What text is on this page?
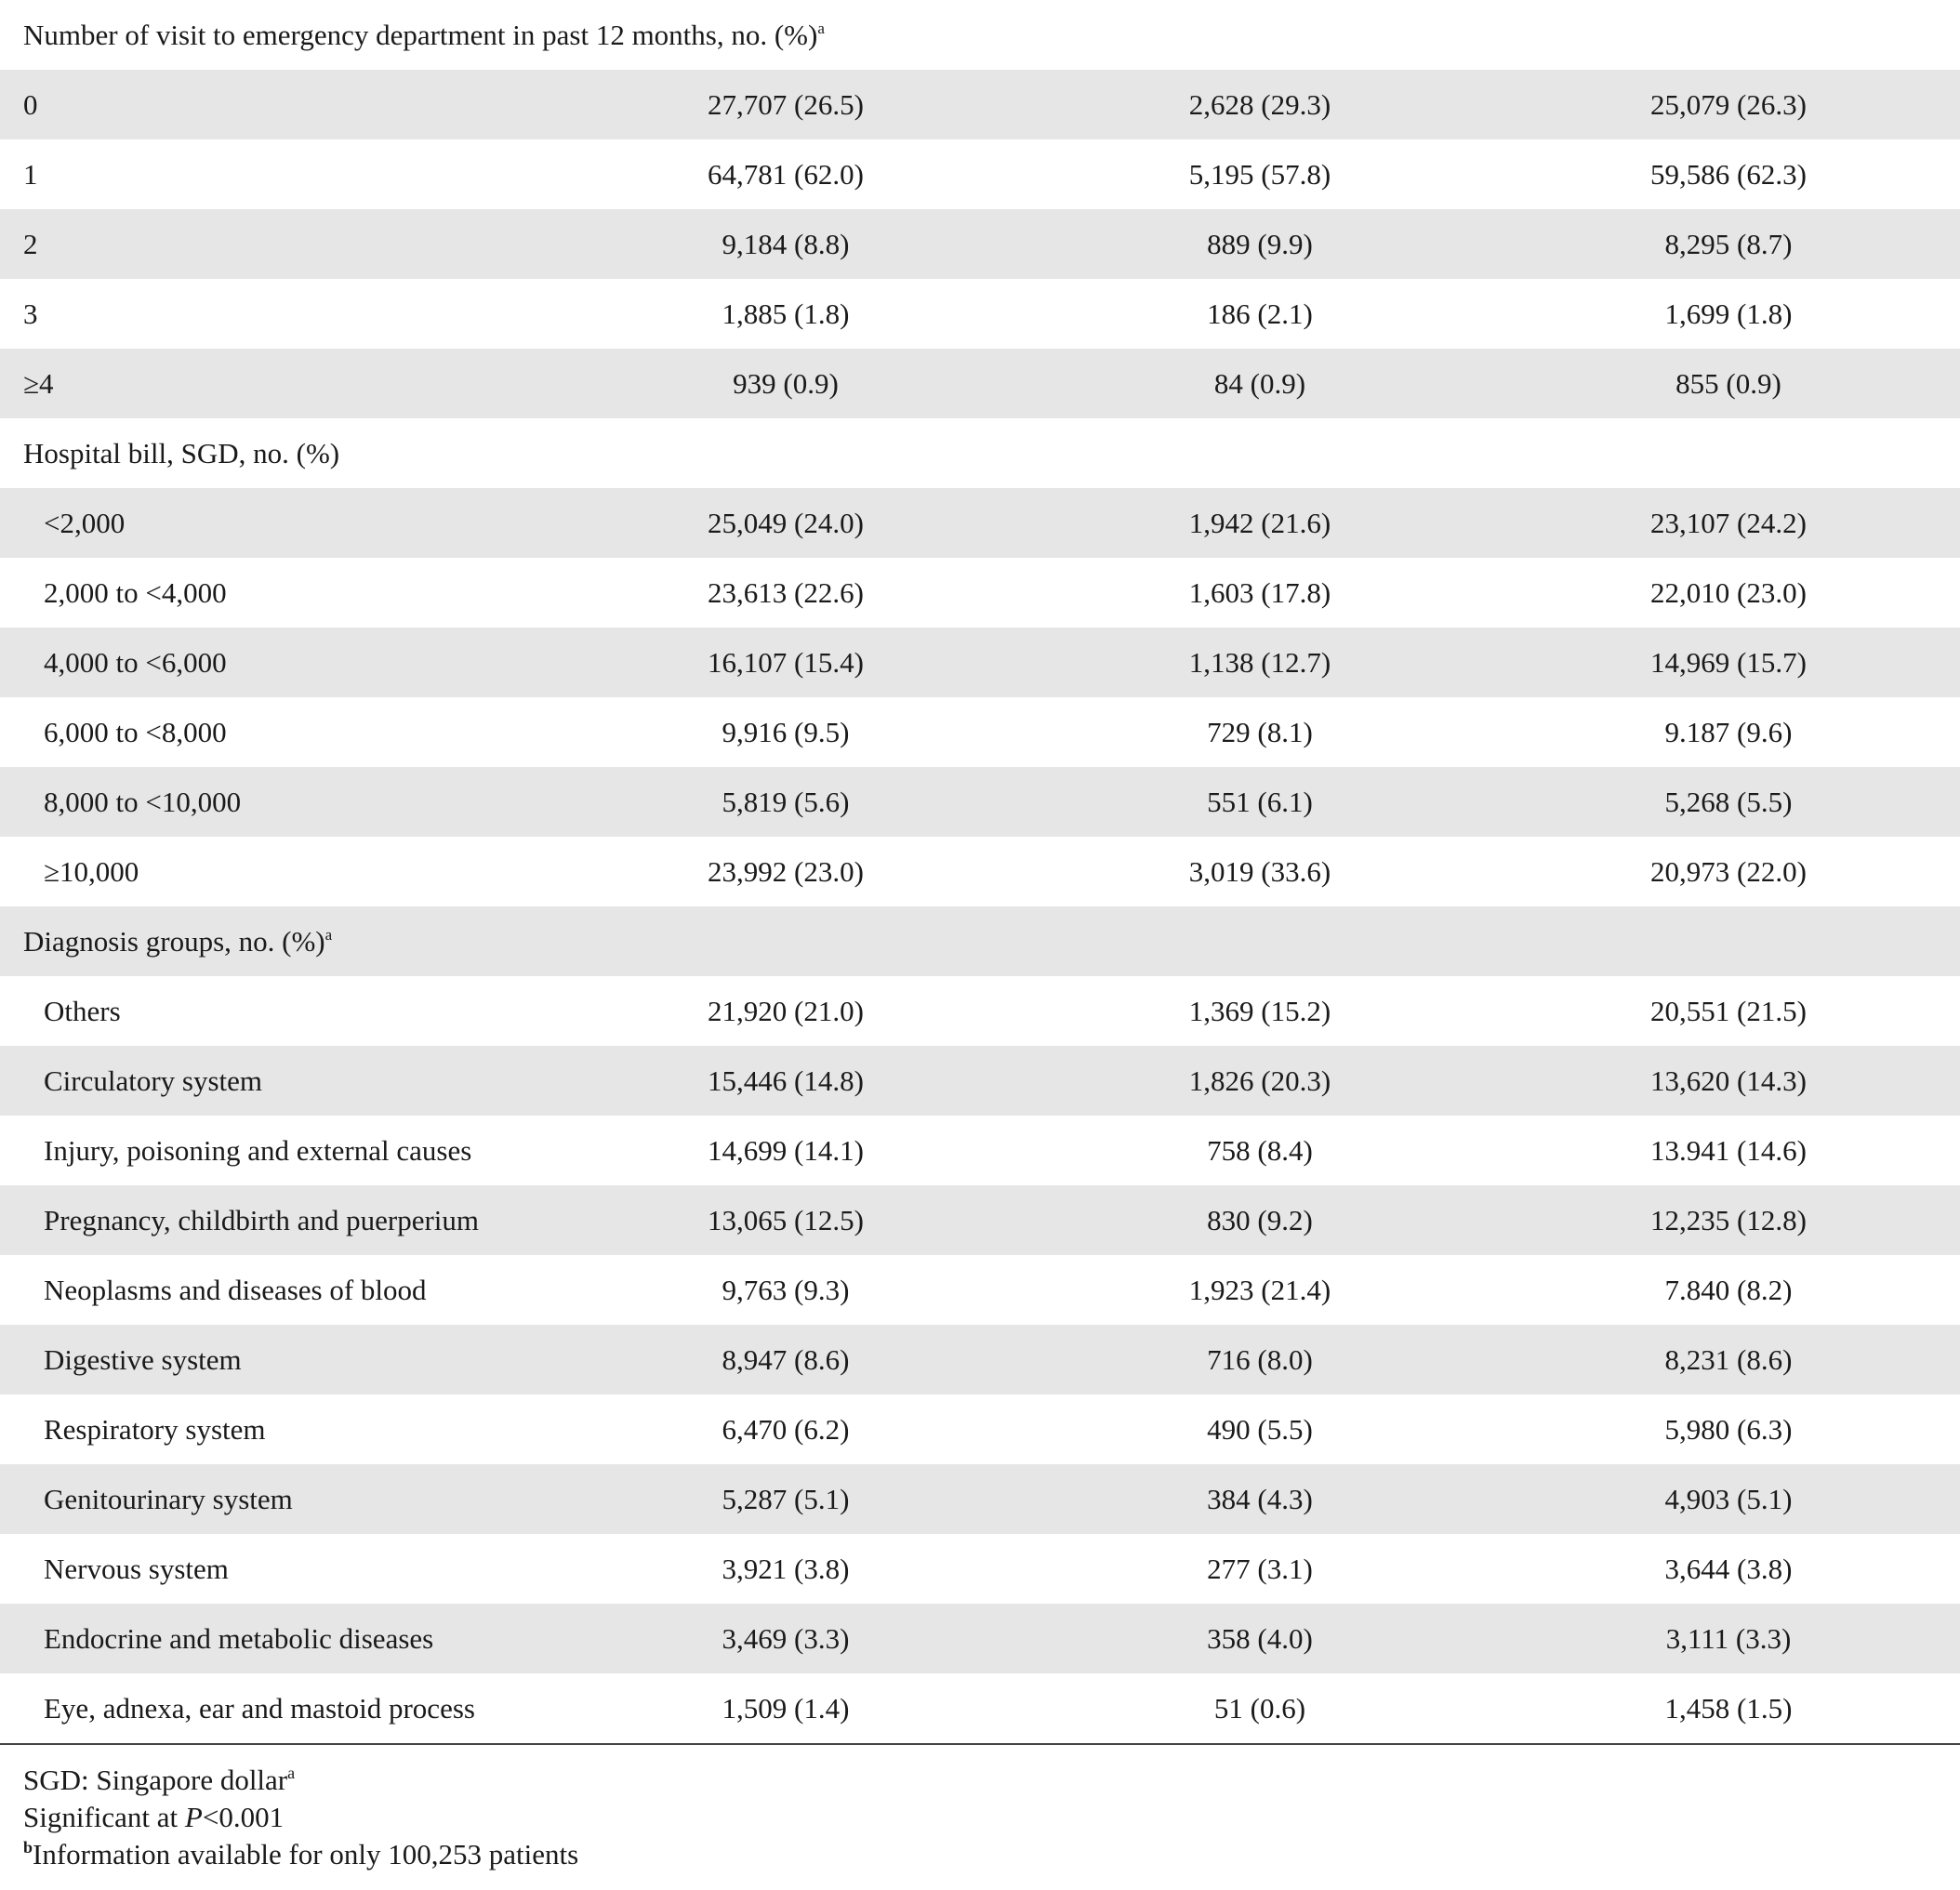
Number of visit to emergency department in past 12 months, no. (%)$^a$
0	27,707 (26.5)	2,628 (29.3)	25,079 (26.3)
1	64,781 (62.0)	5,195 (57.8)	59,586 (62.3)
2	9,184 (8.8)	889 (9.9)	8,295 (8.7)
3	1,885 (1.8)	186 (2.1)	1,699 (1.8)
≥4	939 (0.9)	84 (0.9)	855 (0.9)
Hospital bill, SGD, no. (%)			
<2,000	25,049 (24.0)	1,942 (21.6)	23,107 (24.2)
2,000 to <4,000	23,613 (22.6)	1,603 (17.8)	22,010 (23.0)
4,000 to <6,000	16,107 (15.4)	1,138 (12.7)	14,969 (15.7)
6,000 to <8,000	9,916 (9.5)	729 (8.1)	9.187 (9.6)
8,000 to <10,000	5,819 (5.6)	551 (6.1)	5,268 (5.5)
≥10,000	23,992 (23.0)	3,019 (33.6)	20,973 (22.0)
Diagnosis groups, no. (%)$^a$
Others	21,920 (21.0)	1,369 (15.2)	20,551 (21.5)
Circulatory system	15,446 (14.8)	1,826 (20.3)	13,620 (14.3)
Injury, poisoning and external causes	14,699 (14.1)	758 (8.4)	13.941 (14.6)
Pregnancy, childbirth and puerperium	13,065 (12.5)	830 (9.2)	12,235 (12.8)
Neoplasms and diseases of blood	9,763 (9.3)	1,923 (21.4)	7.840 (8.2)
Digestive system	8,947 (8.6)	716 (8.0)	8,231 (8.6)
Respiratory system	6,470 (6.2)	490 (5.5)	5,980 (6.3)
Genitourinary system	5,287 (5.1)	384 (4.3)	4,903 (5.1)
Nervous system	3,921 (3.8)	277 (3.1)	3,644 (3.8)
Endocrine and metabolic diseases	3,469 (3.3)	358 (4.0)	3,111 (3.3)
Eye, adnexa, ear and mastoid process	1,509 (1.4)	51 (0.6)	1,458 (1.5)
SGD: Singapore dollar$^a$
Significant at P<0.001
$^b$Information available for only 100,253 patients
